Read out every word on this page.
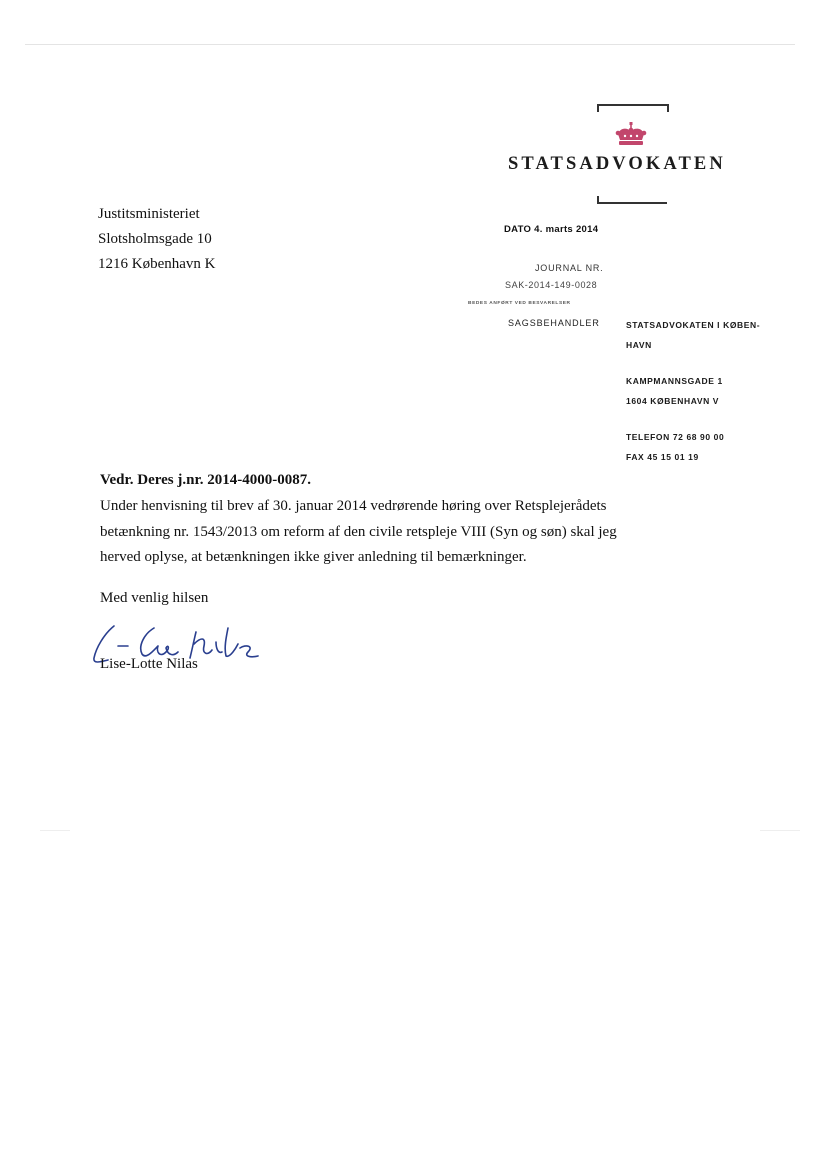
STATSADVOKATEN
Justitsministeriet
Slotsholmsgade 10
1216 København K
DATO 4. marts 2014
JOURNAL NR.
SAK-2014-149-0028
BEDES ANFØRT VED BESVARELSER
SAGSBEHANDLER	STATSADVOKATEN I KØBEN-
HAVN
KAMPMANNSGADE 1
1604 KØBENHAVN V
TELEFON 72 68 90 00
FAX 45 15 01 19
Vedr. Deres j.nr. 2014-4000-0087.
Under henvisning til brev af 30. januar 2014 vedrørende høring over Retsplejerådets
betænkning nr. 1543/2013 om reform af den civile retspleje VIII (Syn og søn) skal jeg
herved oplyse, at betænkningen ikke giver anledning til bemærkninger.
Med venlig hilsen
Lise-Lotte Nilas
